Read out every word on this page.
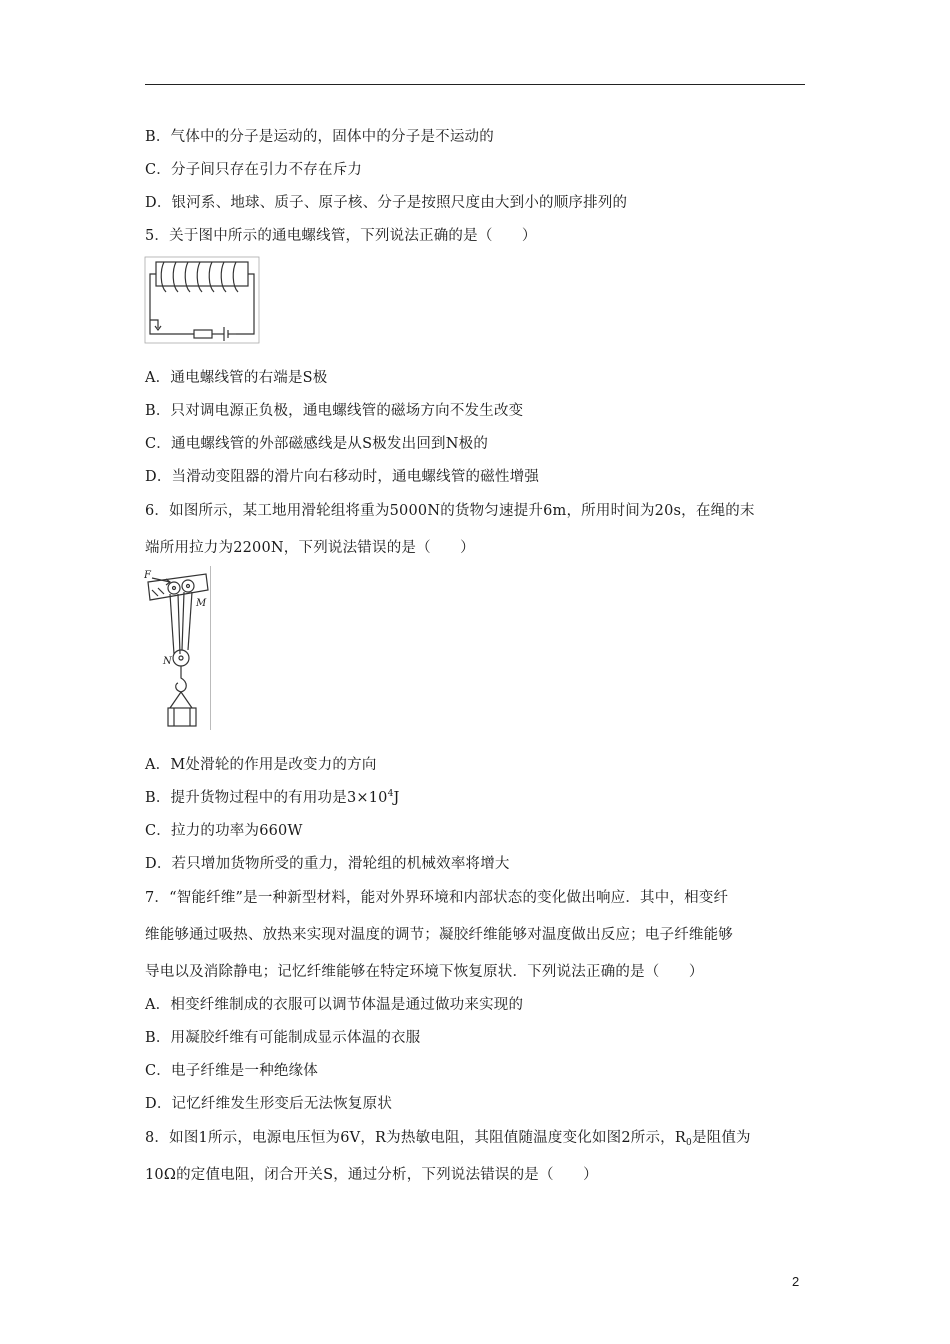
B．气体中的分子是运动的，固体中的分子是不运动的
C．分子间只存在引力不存在斥力
D．银河系、地球、质子、原子核、分子是按照尺度由大到小的顺序排列的
5．关于图中所示的通电螺线管，下列说法正确的是（　　）
A．通电螺线管的右端是S极
B．只对调电源正负极，通电螺线管的磁场方向不发生改变
C．通电螺线管的外部磁感线是从S极发出回到N极的
D．当滑动变阻器的滑片向右移动时，通电螺线管的磁性增强
6．如图所示，某工地用滑轮组将重为5000N的货物匀速提升6m，所用时间为20s，在绳的末
端所用拉力为2200N，下列说法错误的是（　　）
F
M
N
A．M处滑轮的作用是改变力的方向
B．提升货物过程中的有用功是$3\times 10^4J$
C．拉力的功率为660W
D．若只增加货物所受的重力，滑轮组的机械效率将增大
7．“智能纤维”是一种新型材料，能对外界环境和内部状态的变化做出响应．其中，相变纤
维能够通过吸热、放热来实现对温度的调节；凝胶纤维能够对温度做出反应；电子纤维能够
导电以及消除静电；记忆纤维能够在特定环境下恢复原状．下列说法正确的是（　　）
A．相变纤维制成的衣服可以调节体温是通过做功来实现的
B．用凝胶纤维有可能制成显示体温的衣服
C．电子纤维是一种绝缘体
D．记忆纤维发生形变后无法恢复原状
8．如图1所示，电源电压恒为6V，R为热敏电阻，其阻值随温度变化如图2所示，$R_0$是阻值为
10Ω的定值电阻，闭合开关S，通过分析，下列说法错误的是（　　）
2
